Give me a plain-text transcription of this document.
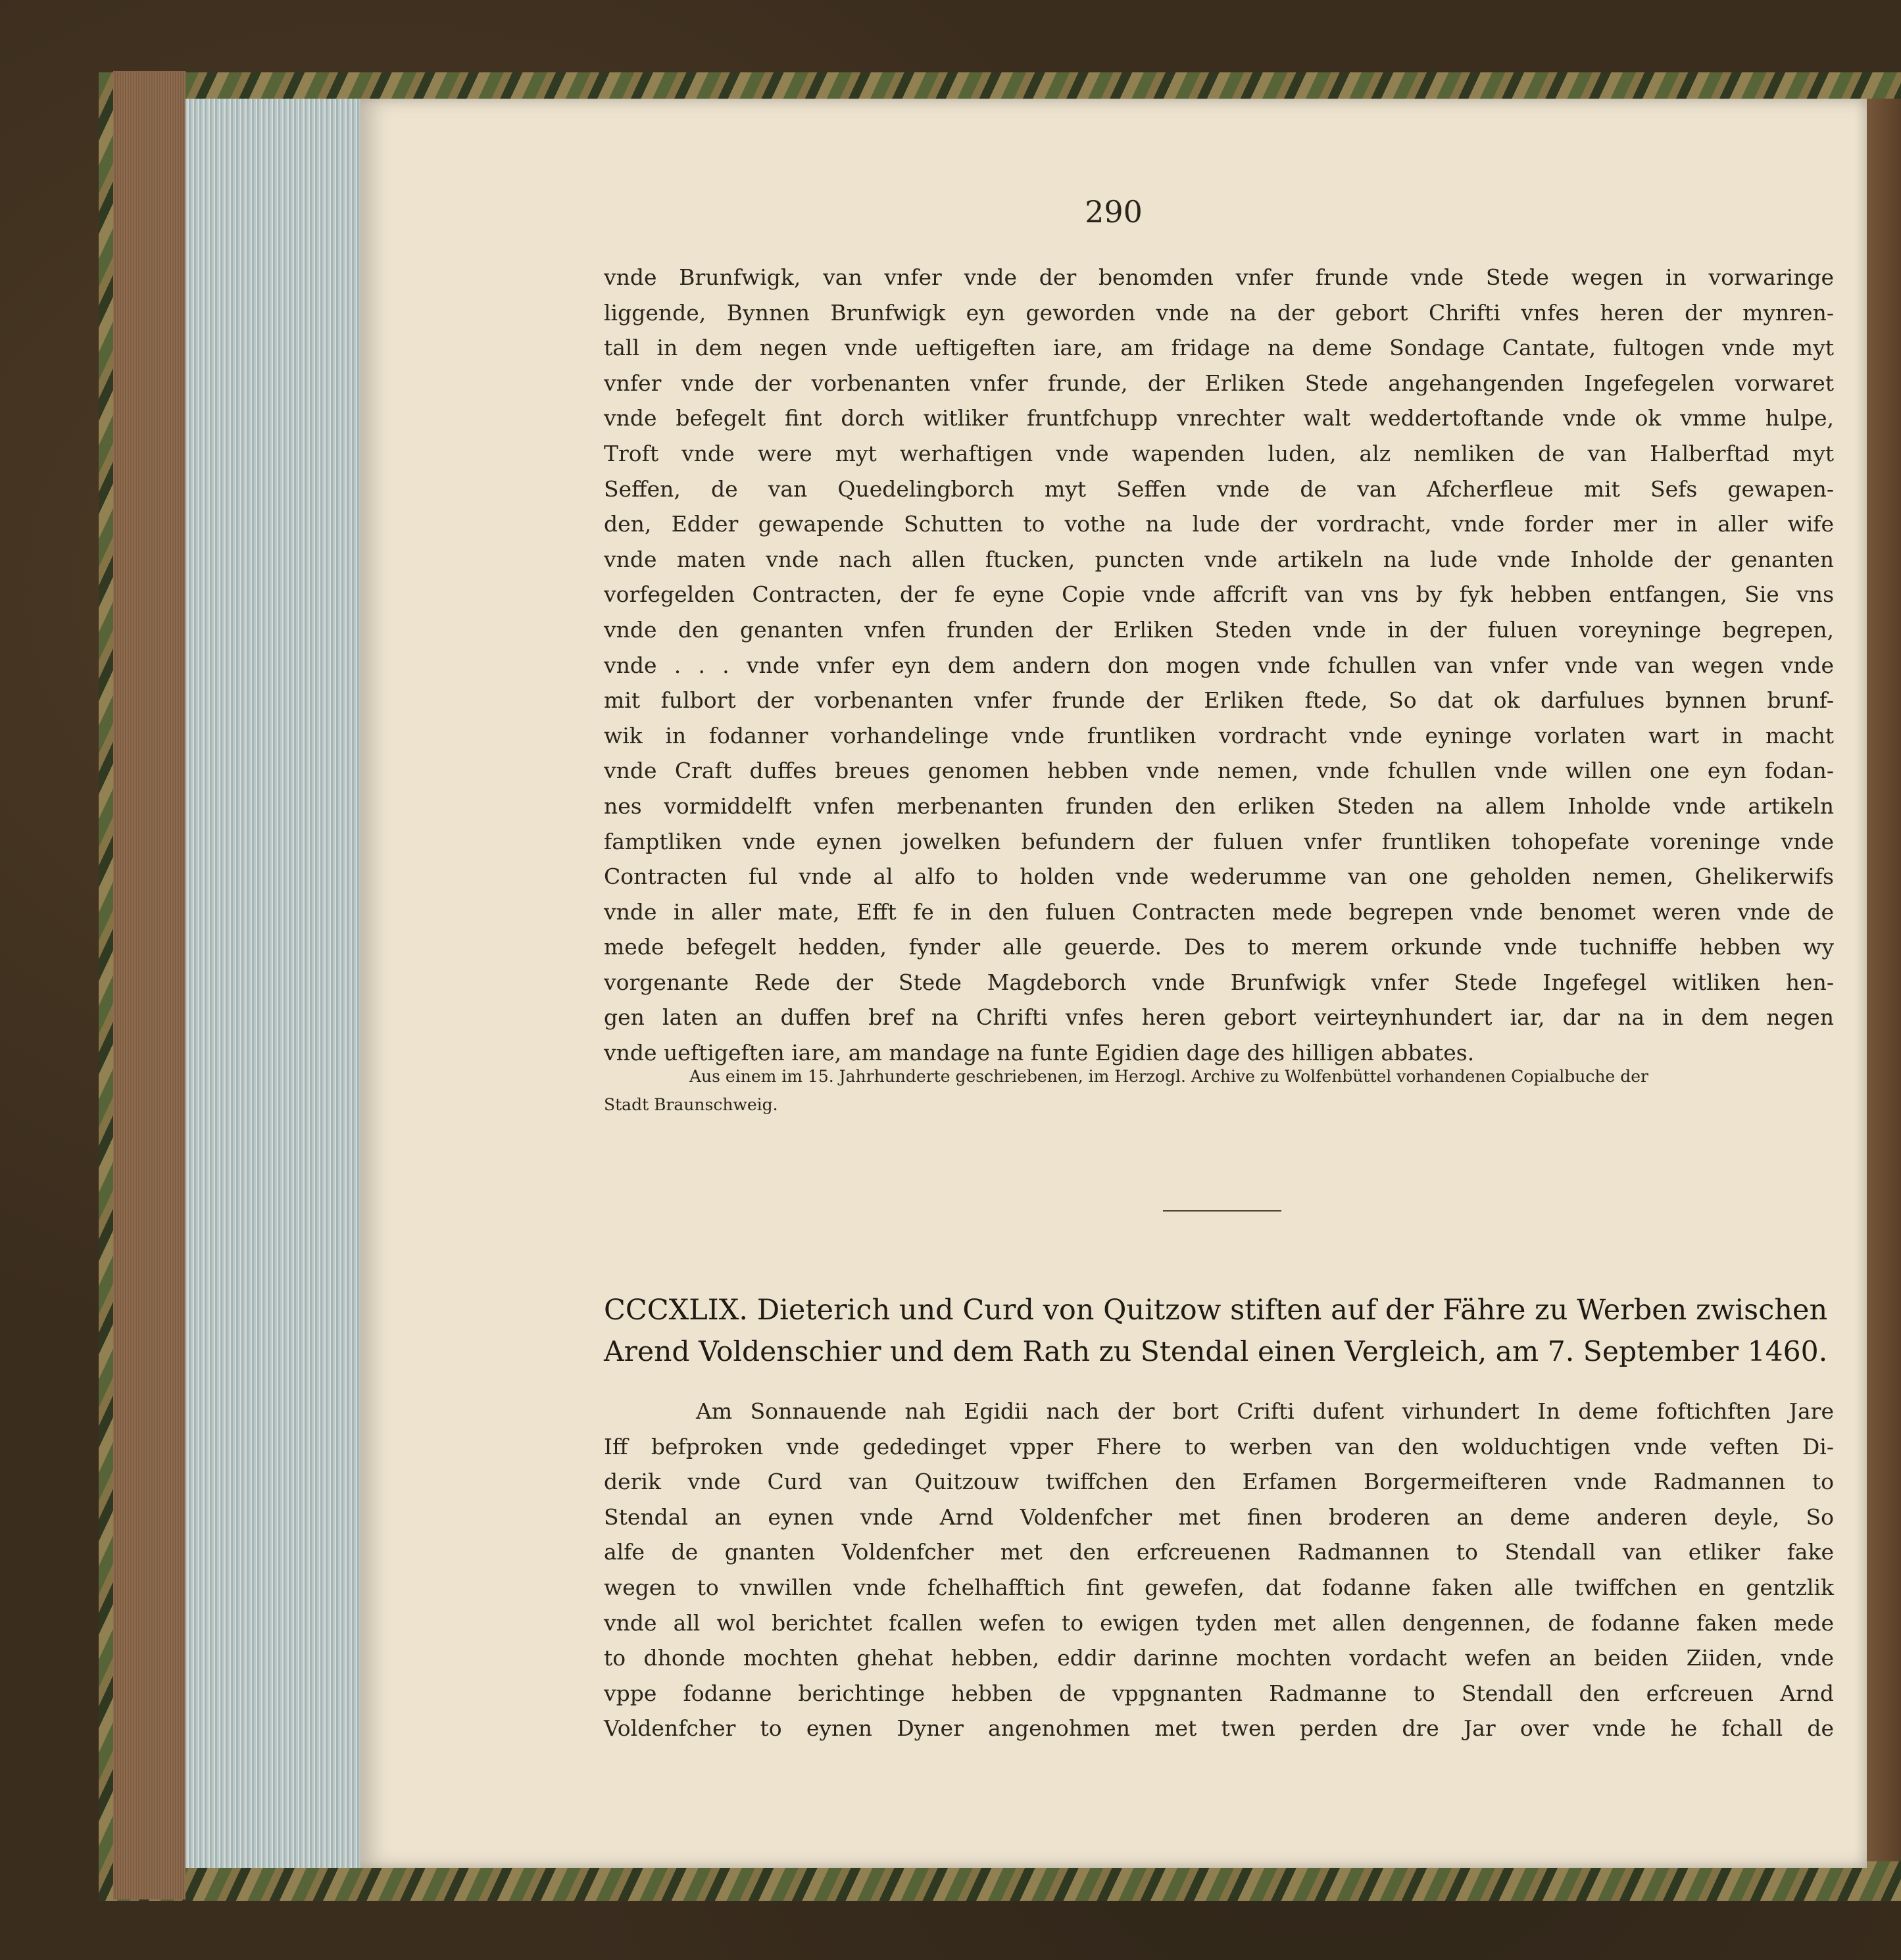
290
vnde Brunfwigk, van vnfer vnde der benomden vnfer frunde vnde Stede wegen in vorwaringe
liggende, Bynnen Brunfwigk eyn geworden vnde na der gebort Chrifti vnfes heren der mynren-
tall in dem negen vnde ueftigeften iare, am fridage na deme Sondage Cantate, fultogen vnde myt
vnfer vnde der vorbenanten vnfer frunde, der Erliken Stede angehangenden Ingefegelen vorwaret
vnde befegelt fint dorch witliker fruntfchupp vnrechter walt weddertoftande vnde ok vmme hulpe,
Troft vnde were myt werhaftigen vnde wapenden luden, alz nemliken de van Halberftad myt
Seffen, de van Quedelingborch myt Seffen vnde de van Afcherfleue mit Sefs gewapen-
den, Edder gewapende Schutten to vothe na lude der vordracht, vnde forder mer in aller wife
vnde maten vnde nach allen ftucken, puncten vnde artikeln na lude vnde Inholde der genanten
vorfegelden Contracten, der fe eyne Copie vnde affcrift van vns by fyk hebben entfangen, Sie vns
vnde den genanten vnfen frunden der Erliken Steden vnde in der fuluen voreyninge begrepen,
vnde . . . vnde vnfer eyn dem andern don mogen vnde fchullen van vnfer vnde van wegen vnde
mit fulbort der vorbenanten vnfer frunde der Erliken ftede, So dat ok darfulues bynnen brunf-
wik in fodanner vorhandelinge vnde fruntliken vordracht vnde eyninge vorlaten wart in macht
vnde Craft duffes breues genomen hebben vnde nemen, vnde fchullen vnde willen one eyn fodan-
nes vormiddelft vnfen merbenanten frunden den erliken Steden na allem Inholde vnde artikeln
famptliken vnde eynen jowelken befundern der fuluen vnfer fruntliken tohopefate voreninge vnde
Contracten ful vnde al alfo to holden vnde wederumme van one geholden nemen, Ghelikerwifs
vnde in aller mate, Efft fe in den fuluen Contracten mede begrepen vnde benomet weren vnde de
mede befegelt hedden, fynder alle geuerde. Des to merem orkunde vnde tuchniffe hebben wy
vorgenante Rede der Stede Magdeborch vnde Brunfwigk vnfer Stede Ingefegel witliken hen-
gen laten an duffen bref na Chrifti vnfes heren gebort veirteynhundert iar, dar na in dem negen
vnde ueftigeften iare, am mandage na funte Egidien dage des hilligen abbates.
Aus einem im 15. Jahrhunderte geschriebenen, im Herzogl. Archive zu Wolfenbüttel vorhandenen Copialbuche der
Stadt Braunschweig.
CCCXLIX. Dieterich und Curd von Quitzow stiften auf der Fähre zu Werben zwischen
Arend Voldenschier und dem Rath zu Stendal einen Vergleich, am 7. September 1460.
Am Sonnauende nah Egidii nach der bort Crifti dufent virhundert In deme foftichften Jare
Iff befproken vnde gededinget vpper Fhere to werben van den wolduchtigen vnde veften Di-
derik vnde Curd van Quitzouw twiffchen den Erfamen Borgermeifteren vnde Radmannen to
Stendal an eynen vnde Arnd Voldenfcher met finen broderen an deme anderen deyle, So
alfe de gnanten Voldenfcher met den erfcreuenen Radmannen to Stendall van etliker fake
wegen to vnwillen vnde fchelhafftich fint gewefen, dat fodanne faken alle twiffchen en gentzlik
vnde all wol berichtet fcallen wefen to ewigen tyden met allen dengennen, de fodanne faken mede
to dhonde mochten ghehat hebben, eddir darinne mochten vordacht wefen an beiden Ziiden, vnde
vppe fodanne berichtinge hebben de vppgnanten Radmanne to Stendall den erfcreuen Arnd
Voldenfcher to eynen Dyner angenohmen met twen perden dre Jar over vnde he fchall de
